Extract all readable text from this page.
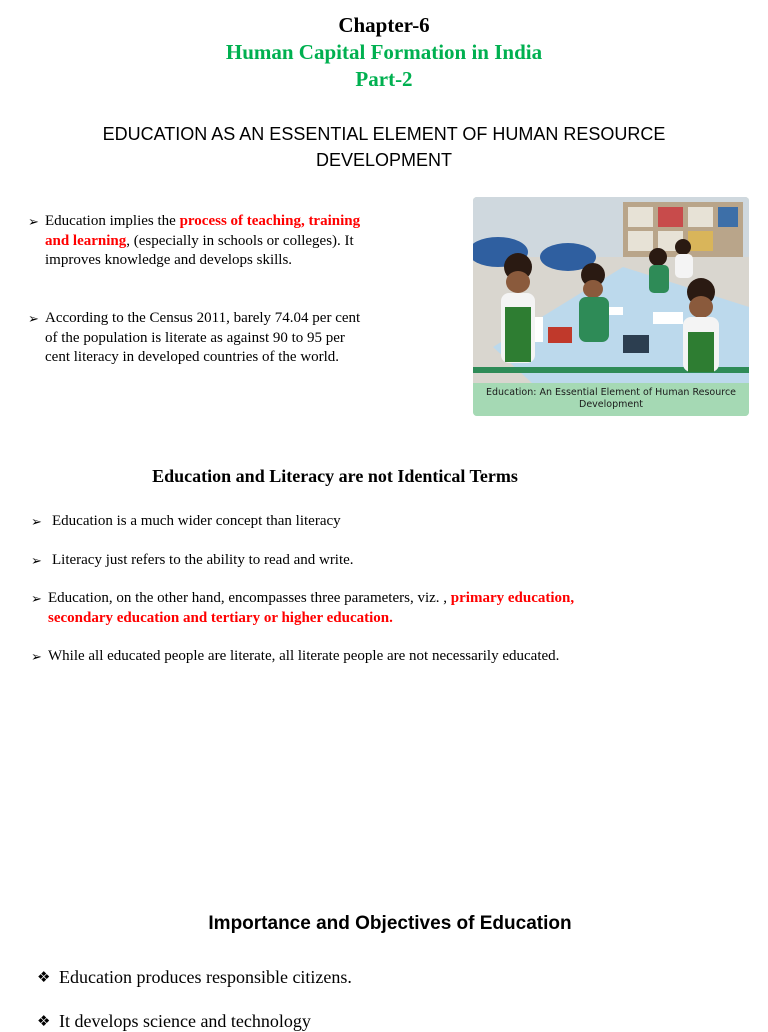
Chapter-6
Human Capital Formation in India
Part-2
EDUCATION AS AN ESSENTIAL ELEMENT OF HUMAN RESOURCE DEVELOPMENT
➢ Education implies the process of teaching, training and learning, (especially in schools or colleges). It improves knowledge and develops skills.
➢ According to the Census 2011, barely 74.04 per cent of the population is literate as against 90 to 95 per cent literacy in developed countries of the world.
Education: An Essential Element of Human Resource Development
Education and Literacy are not Identical Terms
➢ Education is a much wider concept than literacy
➢ Literacy just refers to the ability to read and write.
➢ Education, on the other hand, encompasses three parameters, viz. , primary education, secondary education and tertiary or higher education.
➢ While all educated people are literate, all literate people are not necessarily educated.
Importance and Objectives of Education
❖ Education produces responsible citizens.
❖ It develops science and technology
